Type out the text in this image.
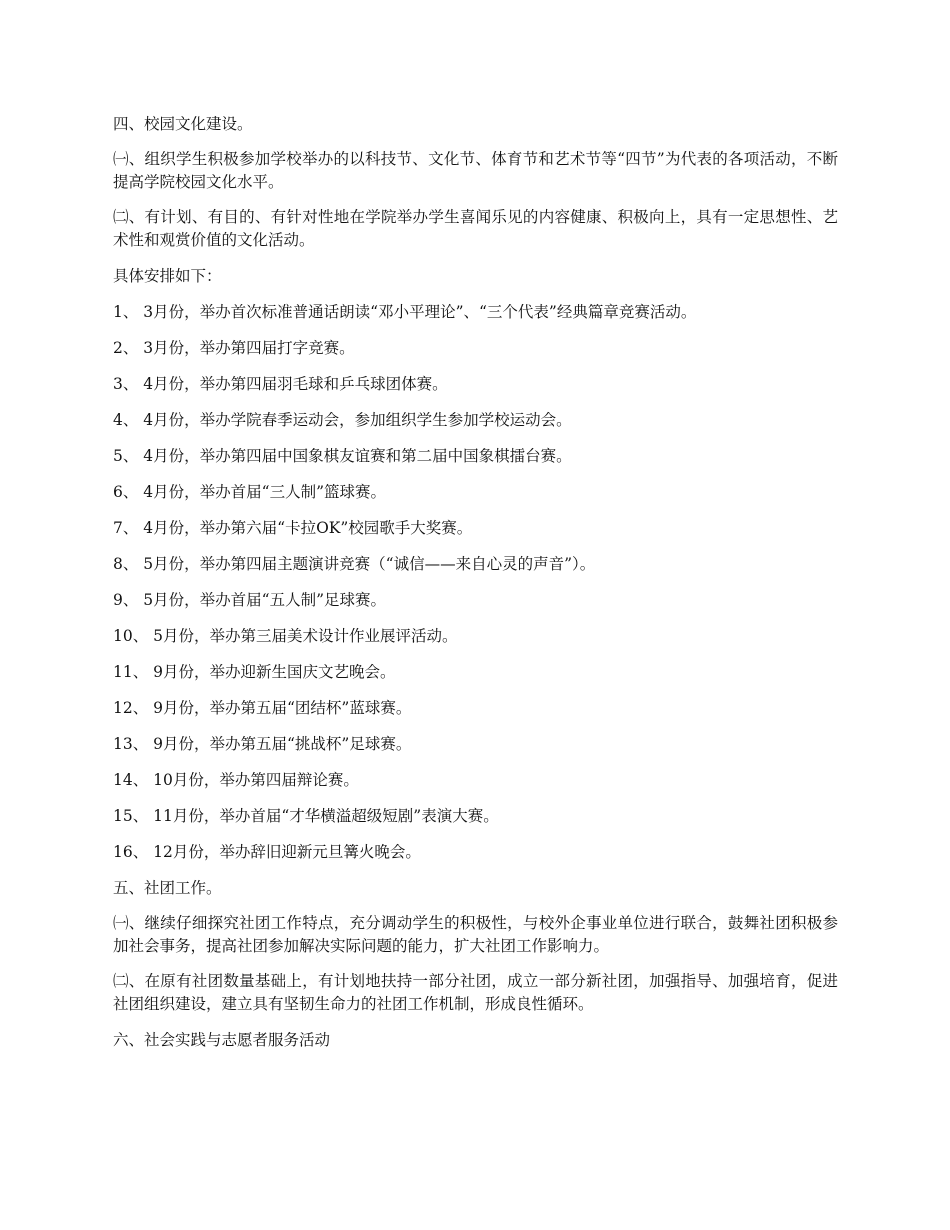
四、校园文化建设。

㈠、组织学生积极参加学校举办的以科技节、文化节、体育节和艺术节等“四节”为代表的各项活动，不断提高学院校园文化水平。

㈡、有计划、有目的、有针对性地在学院举办学生喜闻乐见的内容健康、积极向上，具有一定思想性、艺术性和观赏价值的文化活动。

具体安排如下：

1、 3月份，举办首次标准普通话朗读“邓小平理论”、“三个代表”经典篇章竞赛活动。

2、 3月份，举办第四届打字竞赛。

3、 4月份，举办第四届羽毛球和乒乓球团体赛。

4、 4月份，举办学院春季运动会，参加组织学生参加学校运动会。

5、 4月份，举办第四届中国象棋友谊赛和第二届中国象棋擂台赛。

6、 4月份，举办首届“三人制”篮球赛。

7、 4月份，举办第六届“卡拉OK”校园歌手大奖赛。

8、 5月份，举办第四届主题演讲竞赛（“诚信——来自心灵的声音”）。

9、 5月份，举办首届“五人制”足球赛。

10、 5月份，举办第三届美术设计作业展评活动。

11、 9月份，举办迎新生国庆文艺晚会。

12、 9月份，举办第五届“团结杯”蓝球赛。

13、 9月份，举办第五届“挑战杯”足球赛。

14、 10月份，举办第四届辩论赛。

15、 11月份，举办首届“才华横溢超级短剧”表演大赛。

16、 12月份，举办辞旧迎新元旦篝火晚会。

五、社团工作。

㈠、继续仔细探究社团工作特点，充分调动学生的积极性，与校外企事业单位进行联合，鼓舞社团积极参加社会事务，提高社团参加解决实际问题的能力，扩大社团工作影响力。

㈡、在原有社团数量基础上，有计划地扶持一部分社团，成立一部分新社团，加强指导、加强培育，促进社团组织建设，建立具有坚韧生命力的社团工作机制，形成良性循环。

六、社会实践与志愿者服务活动
